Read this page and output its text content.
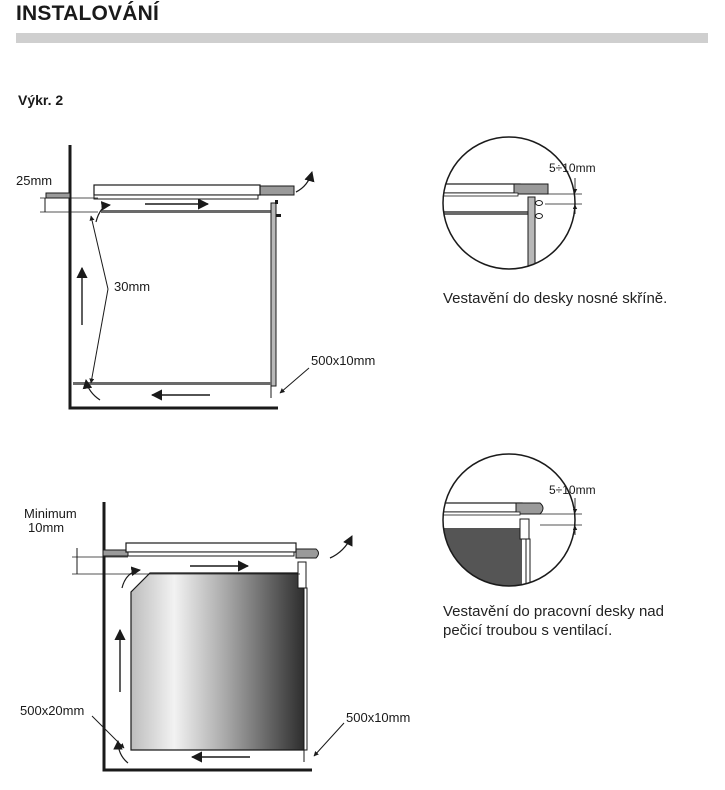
INSTALOVÁNÍ
Výkr. 2
25mm
30mm
500x10mm
Minimum
10mm
500x20mm	500x10mm
5÷10mm
5÷10mm
Vestavění do desky nosné skříně.
Vestavění do pracovní desky nad
pečicí troubou s ventilací.
